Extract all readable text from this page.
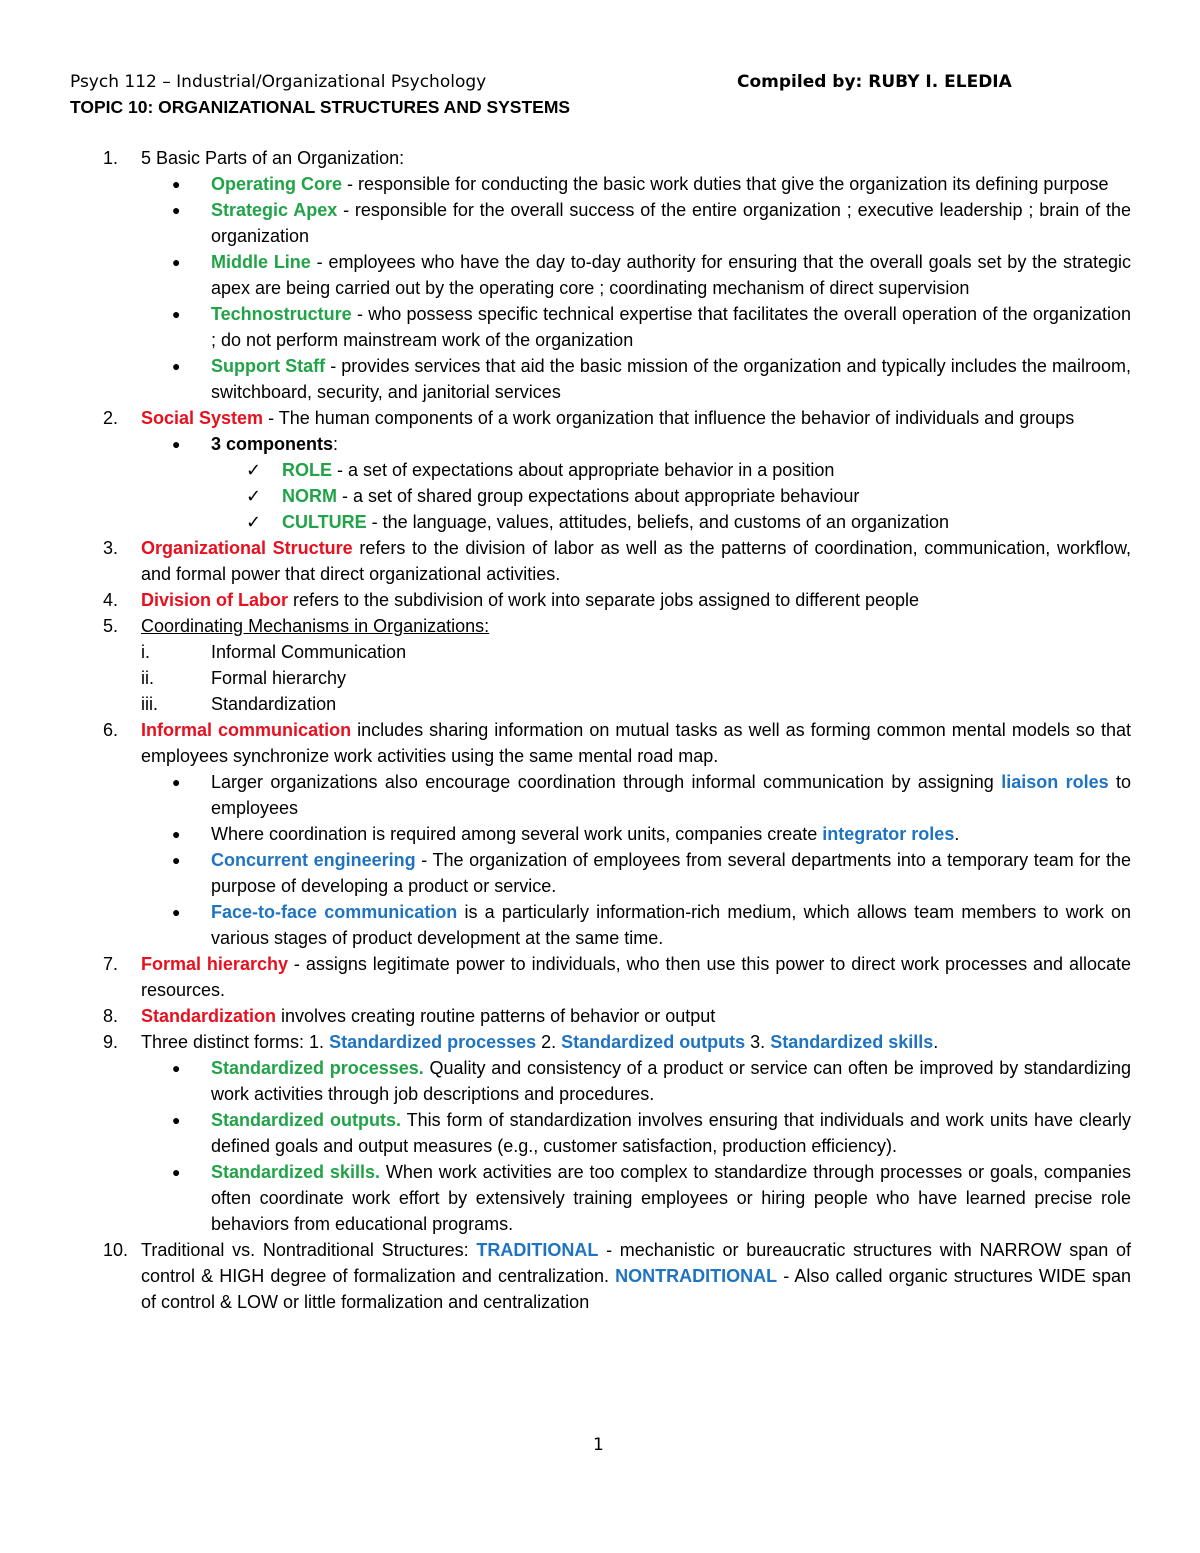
Psych 112 – Industrial/Organizational Psychology	Compiled by: RUBY I. ELEDIA
TOPIC 10: ORGANIZATIONAL STRUCTURES AND SYSTEMS
1. 5 Basic Parts of an Organization:
● Operating Core - responsible for conducting the basic work duties that give the organization its defining purpose
● Strategic Apex - responsible for the overall success of the entire organization ; executive leadership ; brain of the organization
● Middle Line - employees who have the day to-day authority for ensuring that the overall goals set by the strategic apex are being carried out by the operating core ; coordinating mechanism of direct supervision
● Technostructure - who possess specific technical expertise that facilitates the overall operation of the organization ; do not perform mainstream work of the organization
● Support Staff - provides services that aid the basic mission of the organization and typically includes the mailroom, switchboard, security, and janitorial services
2. Social System - The human components of a work organization that influence the behavior of individuals and groups
● 3 components:
✓ ROLE - a set of expectations about appropriate behavior in a position
✓ NORM - a set of shared group expectations about appropriate behaviour
✓ CULTURE - the language, values, attitudes, beliefs, and customs of an organization
3. Organizational Structure refers to the division of labor as well as the patterns of coordination, communication, workflow, and formal power that direct organizational activities.
4. Division of Labor refers to the subdivision of work into separate jobs assigned to different people
5. Coordinating Mechanisms in Organizations:
i.	Informal Communication
ii.	Formal hierarchy
iii.	Standardization
6. Informal communication includes sharing information on mutual tasks as well as forming common mental models so that employees synchronize work activities using the same mental road map.
● Larger organizations also encourage coordination through informal communication by assigning liaison roles to employees
● Where coordination is required among several work units, companies create integrator roles.
● Concurrent engineering - The organization of employees from several departments into a temporary team for the purpose of developing a product or service.
● Face-to-face communication is a particularly information-rich medium, which allows team members to work on various stages of product development at the same time.
7. Formal hierarchy - assigns legitimate power to individuals, who then use this power to direct work processes and allocate resources.
8. Standardization involves creating routine patterns of behavior or output
9. Three distinct forms: 1. Standardized processes 2. Standardized outputs 3. Standardized skills.
● Standardized processes. Quality and consistency of a product or service can often be improved by standardizing work activities through job descriptions and procedures.
● Standardized outputs. This form of standardization involves ensuring that individuals and work units have clearly defined goals and output measures (e.g., customer satisfaction, production efficiency).
● Standardized skills. When work activities are too complex to standardize through processes or goals, companies often coordinate work effort by extensively training employees or hiring people who have learned precise role behaviors from educational programs.
10. Traditional vs. Nontraditional Structures: TRADITIONAL - mechanistic or bureaucratic structures with NARROW span of control & HIGH degree of formalization and centralization. NONTRADITIONAL - Also called organic structures WIDE span of control & LOW or little formalization and centralization
1
